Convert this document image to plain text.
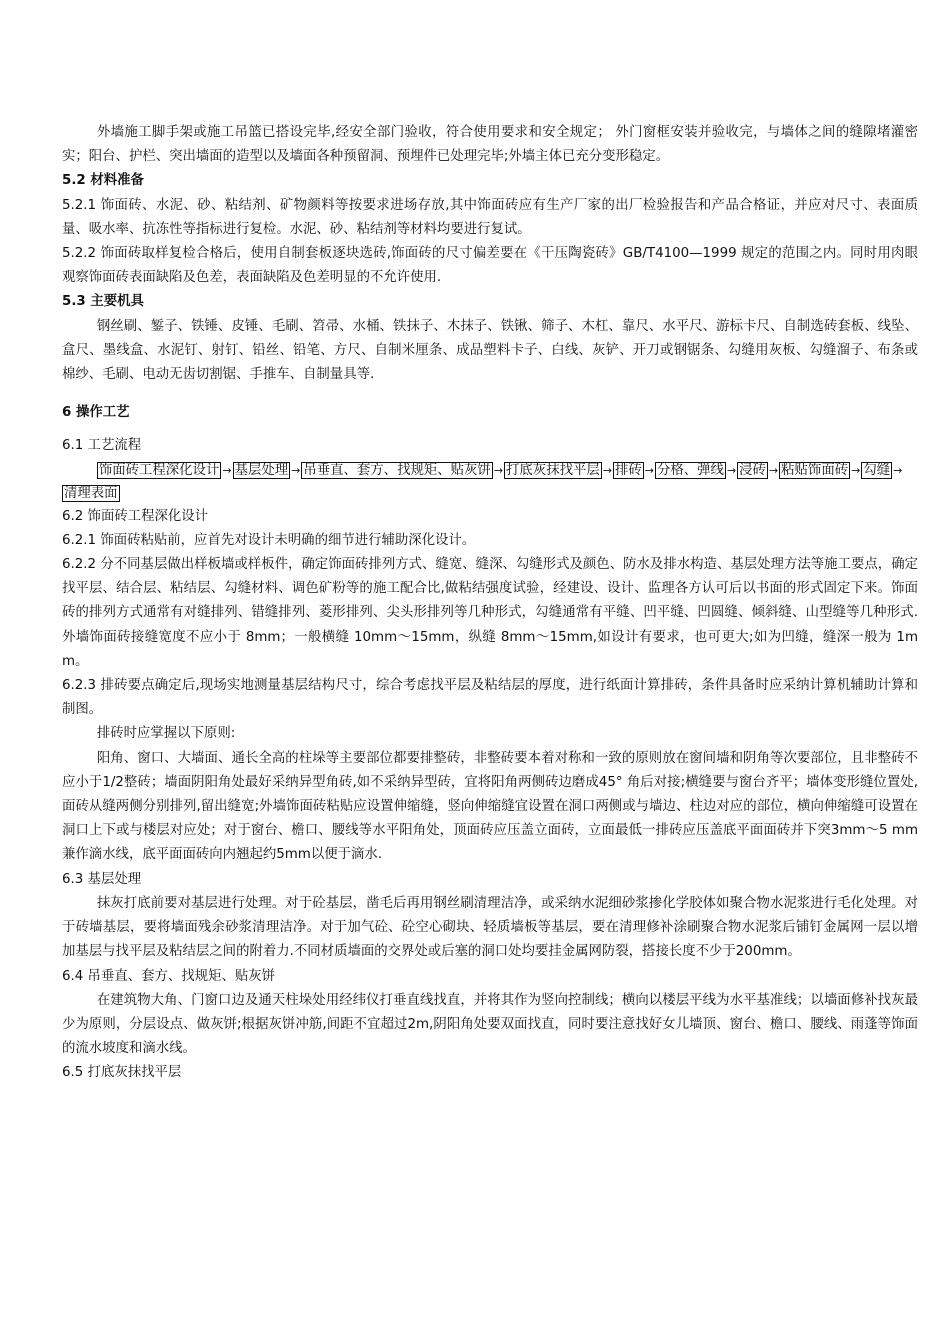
外墙施工脚手架或施工吊篮已搭设完毕,经安全部门验收，符合使用要求和安全规定； 外门窗框安装并验收完，与墙体之间的缝隙堵灌密实；阳台、护栏、突出墙面的造型以及墙面各种预留洞、预埋件已处理完毕;外墙主体已充分变形稳定。

5.2 材料准备

5.2.1 饰面砖、水泥、砂、粘结剂、矿物颜料等按要求进场存放,其中饰面砖应有生产厂家的出厂检验报告和产品合格证，并应对尺寸、表面质量、吸水率、抗冻性等指标进行复检。水泥、砂、粘结剂等材料均要进行复试。

5.2.2 饰面砖取样复检合格后，使用自制套板逐块选砖,饰面砖的尺寸偏差要在《干压陶瓷砖》GB/T4100—1999 规定的范围之内。同时用肉眼观察饰面砖表面缺陷及色差，表面缺陷及色差明显的不允许使用.

5.3 主要机具

钢丝刷、錾子、铁锤、皮锤、毛刷、笤帚、水桶、铁抹子、木抹子、铁锹、筛子、木杠、靠尺、水平尺、游标卡尺、自制选砖套板、线坠、盒尺、墨线盒、水泥钉、射钉、铅丝、铅笔、方尺、自制米厘条、成品塑料卡子、白线、灰铲、开刀或钢锯条、勾缝用灰板、勾缝溜子、布条或棉纱、毛刷、电动无齿切割锯、手推车、自制量具等.

6 操作工艺

6.1 工艺流程

饰面砖工程深化设计 → 基层处理 → 吊垂直、套方、找规矩、贴灰饼 → 打底灰抹找平层 → 排砖 → 分格、弹线 → 浸砖 → 粘贴饰面砖 → 勾缝 →清理表面

6.2 饰面砖工程深化设计

6.2.1 饰面砖粘贴前，应首先对设计未明确的细节进行辅助深化设计。

6.2.2 分不同基层做出样板墙或样板件，确定饰面砖排列方式、缝宽、缝深、勾缝形式及颜色、防水及排水构造、基层处理方法等施工要点，确定找平层、结合层、粘结层、勾缝材料、调色矿粉等的施工配合比,做粘结强度试验，经建设、设计、监理各方认可后以书面的形式固定下来。饰面砖的排列方式通常有对缝排列、错缝排列、菱形排列、尖头形排列等几种形式，勾缝通常有平缝、凹平缝、凹圆缝、倾斜缝、山型缝等几种形式.外墙饰面砖接缝宽度不应小于 8mm；一般横缝 10mm～15mm，纵缝 8mm～15mm,如设计有要求，也可更大;如为凹缝，缝深一般为 1mm。

6.2.3 排砖要点确定后,现场实地测量基层结构尺寸，综合考虑找平层及粘结层的厚度，进行纸面计算排砖，条件具备时应采纳计算机辅助计算和制图。

排砖时应掌握以下原则:

阳角、窗口、大墙面、通长全高的柱垛等主要部位都要排整砖，非整砖要本着对称和一致的原则放在窗间墙和阴角等次要部位，且非整砖不应小于1/2整砖；墙面阴阳角处最好采纳异型角砖,如不采纳异型砖，宜将阳角两侧砖边磨成45° 角后对接;横缝要与窗台齐平；墙体变形缝位置处,面砖从缝两侧分别排列,留出缝宽;外墙饰面砖粘贴应设置伸缩缝，竖向伸缩缝宜设置在洞口两侧或与墙边、柱边对应的部位，横向伸缩缝可设置在洞口上下或与楼层对应处；对于窗台、檐口、腰线等水平阳角处，顶面砖应压盖立面砖，立面最低一排砖应压盖底平面面砖并下突3mm～5 mm兼作滴水线，底平面面砖向内翘起约5mm以便于滴水.

6.3 基层处理

抹灰打底前要对基层进行处理。对于砼基层，凿毛后再用钢丝刷清理洁净，或采纳水泥细砂浆掺化学胶体如聚合物水泥浆进行毛化处理。对于砖墙基层，要将墙面残余砂浆清理洁净。对于加气砼、砼空心砌块、轻质墙板等基层，要在清理修补涂刷聚合物水泥浆后铺钉金属网一层以增加基层与找平层及粘结层之间的附着力.不同材质墙面的交界处或后塞的洞口处均要挂金属网防裂，搭接长度不少于200mm。

6.4 吊垂直、套方、找规矩、贴灰饼

在建筑物大角、门窗口边及通天柱垛处用经纬仪打垂直线找直，并将其作为竖向控制线；横向以楼层平线为水平基准线；以墙面修补找灰最少为原则，分层设点、做灰饼;根据灰饼冲筋,间距不宜超过2m,阴阳角处要双面找直，同时要注意找好女儿墙顶、窗台、檐口、腰线、雨蓬等饰面的流水坡度和滴水线。

6.5 打底灰抹找平层
